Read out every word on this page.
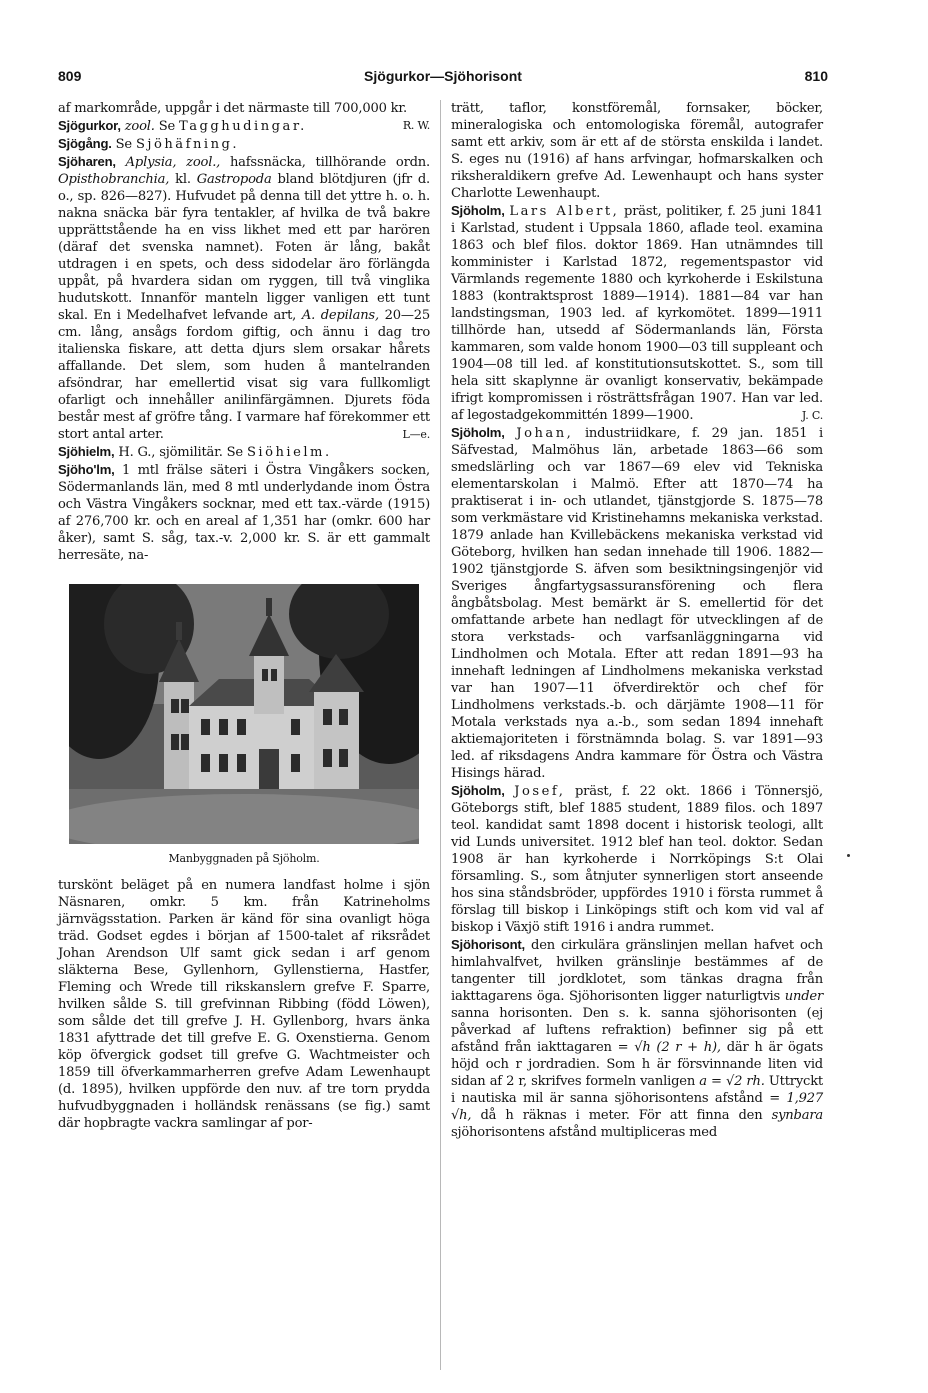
809	Sjögurkor—Sjöhorisont	810

af markområde, uppgår i det närmaste till 700,000 kr.
R. W.

Sjögurkor, zool. Se Tagghudingar.

Sjögång. Se Sjöhäfning.

Sjöharen, Aplysia, zool., hafssnäcka, tillhörande ordn. Opisthobranchia, kl. Gastropoda bland blötdjuren (jfr d. o., sp. 826—827). Hufvudet på denna till det yttre h. o. h. nakna snäcka bär fyra tentakler, af hvilka de två bakre upprättstående ha en viss likhet med ett par harören (däraf det svenska namnet). Foten är lång, bakåt utdragen i en spets, och dess sidodelar äro förlängda uppåt, på hvardera sidan om ryggen, till två vinglika hudutskott. Innanför manteln ligger vanligen ett tunt skal. En i Medelhafvet lefvande art, A. depilans, 20—25 cm. lång, ansågs fordom giftig, och ännu i dag tro italienska fiskare, att detta djurs slem orsakar hårets affallande. Det slem, som huden å mantelranden afsöndrar, har emellertid visat sig vara fullkomligt ofarligt och innehåller anilinfärgämnen. Djurets föda består mest af gröfre tång. I varmare haf förekommer ett stort antal arter.	L—e.

Sjöhielm, H. G., sjömilitär. Se Siöhielm.

Sjöho'lm, 1 mtl frälse säteri i Östra Vingåkers socken, Södermanlands län, med 8 mtl underlydande inom Östra och Västra Vingåkers socknar, med ett tax.-värde (1915) af 276,700 kr. och en areal af 1,351 har (omkr. 600 har åker), samt S. såg, tax.-v. 2,000 kr. S. är ett gammalt herresäte, na-

Manbyggnaden på Sjöholm.

turskönt beläget på en numera landfast holme i sjön Näsnaren, omkr. 5 km. från Katrineholms järnvägsstation. Parken är känd för sina ovanligt höga träd. Godset egdes i början af 1500-talet af riksrådet Johan Arendson Ulf samt gick sedan i arf genom släkterna Bese, Gyllenhorn, Gyllenstierna, Hastfer, Fleming och Wrede till rikskanslern grefve F. Sparre, hvilken sålde S. till grefvinnan Ribbing (född Löwen), som sålde det till grefve J. H. Gyllenborg, hvars änka 1831 afyttrade det till grefve E. G. Oxenstierna. Genom köp öfvergick godset till grefve G. Wachtmeister och 1859 till öfverkammarherren grefve Adam Lewenhaupt (d. 1895), hvilken uppförde den nuv. af tre torn prydda hufvudbyggnaden i holländsk renässans (se fig.) samt där hopbragte vackra samlingar af por-

trätt, taflor, konstföremål, fornsaker, böcker, mineralogiska och entomologiska föremål, autografer samt ett arkiv, som är ett af de största enskilda i landet. S. eges nu (1916) af hans arfvingar, hofmarskalken och riksheraldikern grefve Ad. Lewenhaupt och hans syster Charlotte Lewenhaupt.

Sjöholm, Lars Albert, präst, politiker, f. 25 juni 1841 i Karlstad, student i Uppsala 1860, aflade teol. examina 1863 och blef filos. doktor 1869. Han utnämndes till komminister i Karlstad 1872, regementspastor vid Värmlands regemente 1880 och kyrkoherde i Eskilstuna 1883 (kontraktsprost 1889—1914). 1881—84 var han landstingsman, 1903 led. af kyrkomötet. 1899—1911 tillhörde han, utsedd af Södermanlands län, Första kammaren, som valde honom 1900—03 till suppleant och 1904—08 till led. af konstitutionsutskottet. S., som till hela sitt skaplynne är ovanligt konservativ, bekämpade ifrigt kompromissen i rösträttsfrågan 1907. Han var led. af legostadgekommittén 1899—1900.	J. C.

Sjöholm, Johan, industriidkare, f. 29 jan. 1851 i Säfvestad, Malmöhus län, arbetade 1863—66 som smedslärling och var 1867—69 elev vid Tekniska elementarskolan i Malmö. Efter att 1870—74 ha praktiserat i in- och utlandet, tjänstgjorde S. 1875—78 som verkmästare vid Kristinehamns mekaniska verkstad. 1879 anlade han Kvillebäckens mekaniska verkstad vid Göteborg, hvilken han sedan innehade till 1906. 1882—1902 tjänstgjorde S. äfven som besiktningsingenjör vid Sveriges ångfartygsassuransförening och flera ångbåtsbolag. Mest bemärkt är S. emellertid för det omfattande arbete han nedlagt för utvecklingen af de stora verkstads- och varfsanläggningarna vid Lindholmen och Motala. Efter att redan 1891—93 ha innehaft ledningen af Lindholmens mekaniska verkstad var han 1907—11 öfverdirektör och chef för Lindholmens verkstads.-b. och därjämte 1908—11 för Motala verkstads nya a.-b., som sedan 1894 innehaft aktiemajoriteten i förstnämnda bolag. S. var 1891—93 led. af riksdagens Andra kammare för Östra och Västra Hisings härad.

Sjöholm, Josef, präst, f. 22 okt. 1866 i Tönnersjö, Göteborgs stift, blef 1885 student, 1889 filos. och 1897 teol. kandidat samt 1898 docent i historisk teologi, allt vid Lunds universitet. 1912 blef han teol. doktor. Sedan 1908 är han kyrkoherde i Norrköpings S:t Olai församling. S., som åtnjuter synnerligen stort anseende hos sina ståndsbröder, uppfördes 1910 i första rummet å förslag till biskop i Linköpings stift och kom vid val af biskop i Växjö stift 1916 i andra rummet.

Sjöhorisont, den cirkulära gränslinjen mellan hafvet och himlahvalfvet, hvilken gränslinje bestämmes af de tangenter till jordklotet, som tänkas dragna från iakttagarens öga. Sjöhorisonten ligger naturligtvis under sanna horisonten. Den s. k. sanna sjöhorisonten (ej påverkad af luftens refraktion) befinner sig på ett afstånd från iakttagaren = √h (2 r + h), där h är ögats höjd och r jordradien. Som h är försvinnande liten vid sidan af 2 r, skrifves formeln vanligen a = √2 rh. Uttryckt i nautiska mil är sanna sjöhorisontens afstånd = 1,927 √h, då h räknas i meter. För att finna den synbara sjöhorisontens afstånd multipliceras med
